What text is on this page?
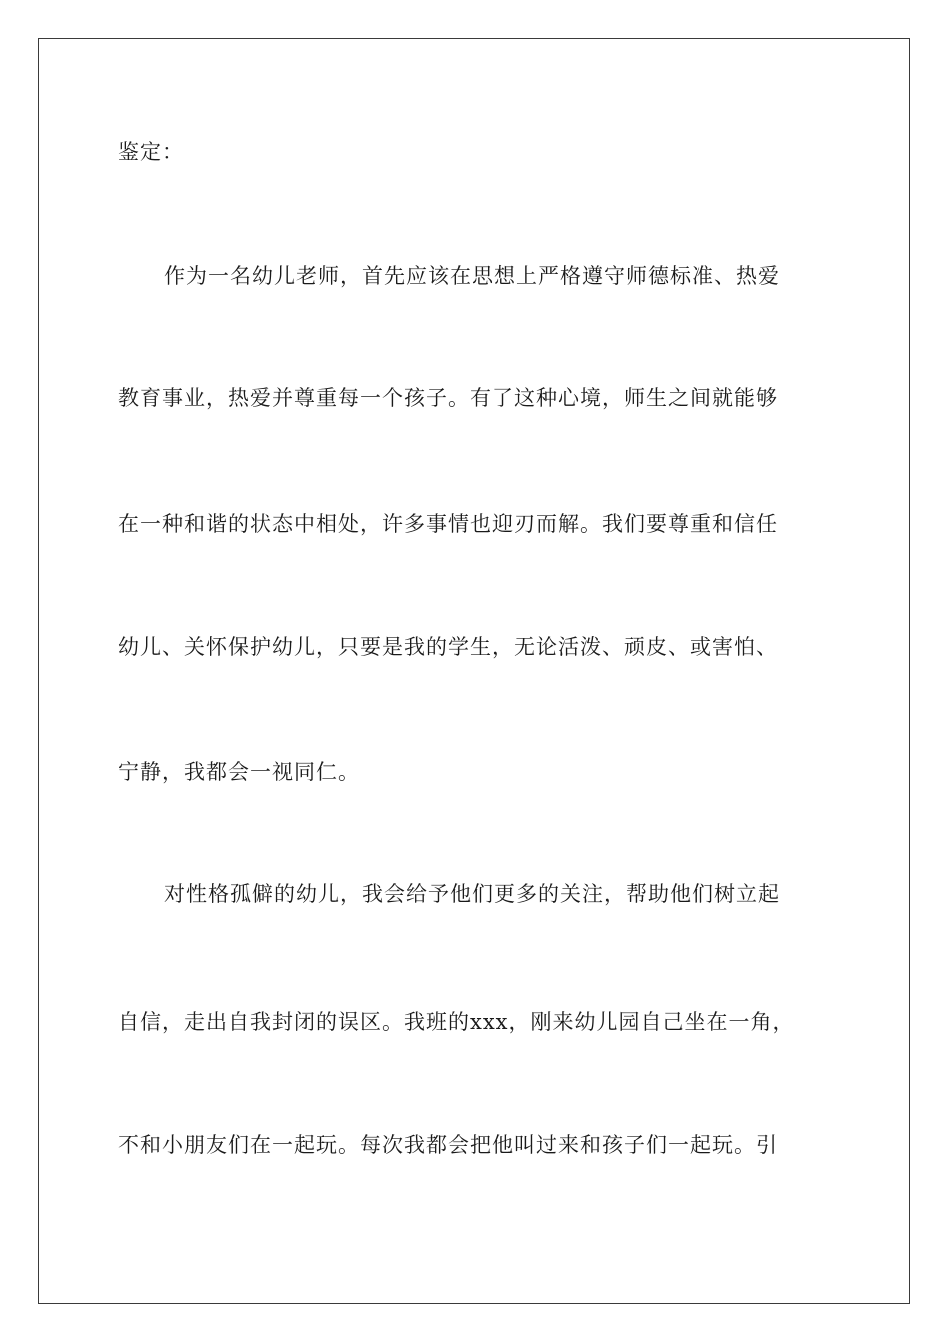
鉴定：
作为一名幼儿老师，首先应该在思想上严格遵守师德标准、热爱
教育事业，热爱并尊重每一个孩子。有了这种心境，师生之间就能够
在一种和谐的状态中相处，许多事情也迎刃而解。我们要尊重和信任
幼儿、关怀保护幼儿，只要是我的学生，无论活泼、顽皮、或害怕、
宁静，我都会一视同仁。
对性格孤僻的幼儿，我会给予他们更多的关注，帮助他们树立起
自信，走出自我封闭的误区。我班的xxx，刚来幼儿园自己坐在一角，
不和小朋友们在一起玩。每次我都会把他叫过来和孩子们一起玩。引
